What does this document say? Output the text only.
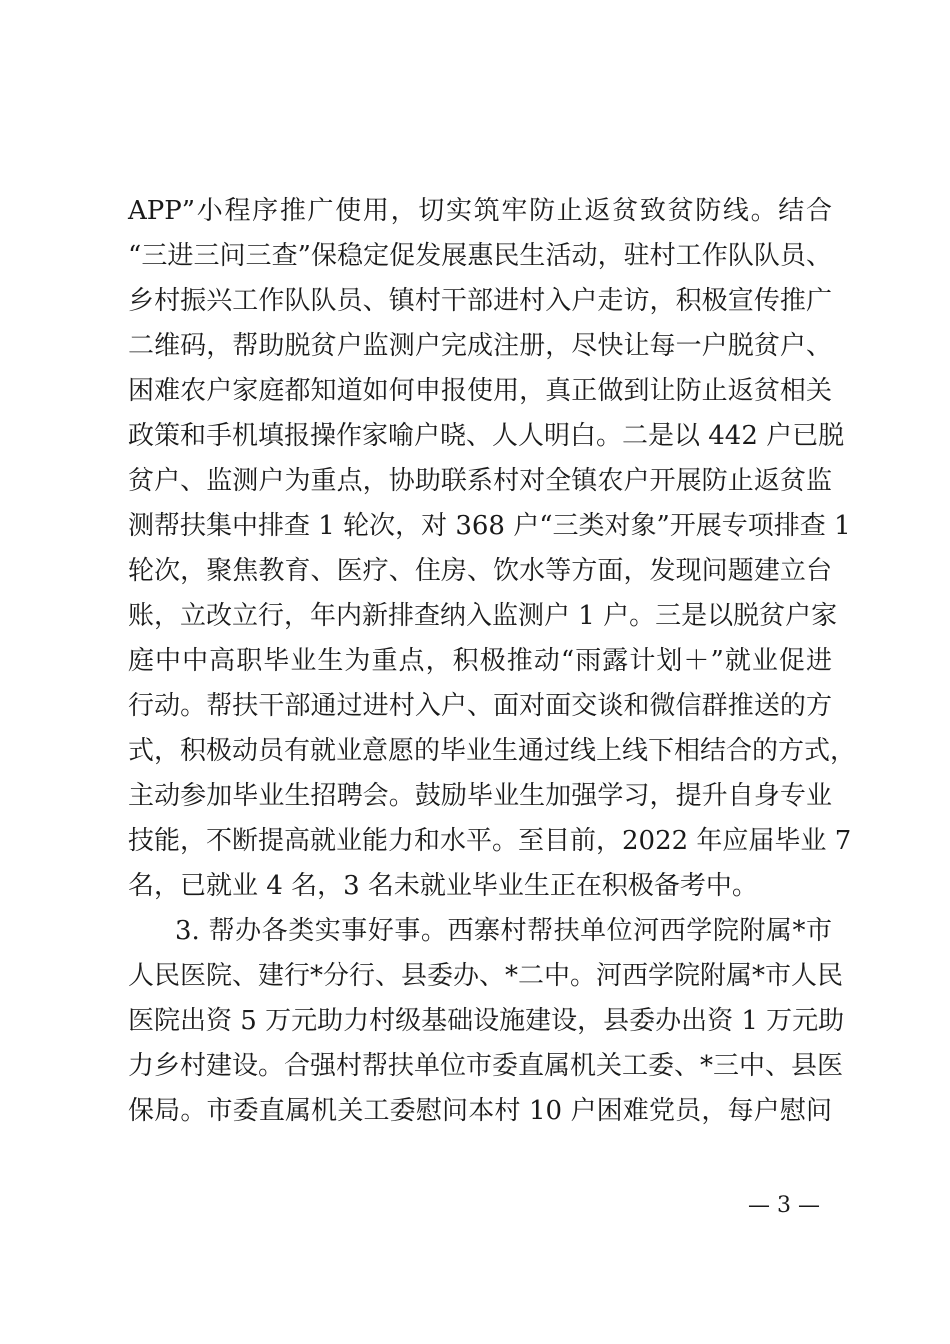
APP”小程序推广使用，切实筑牢防止返贫致贫防线。结合
“三进三问三查”保稳定促发展惠民生活动，驻村工作队队员、
乡村振兴工作队队员、镇村干部进村入户走访，积极宣传推广
二维码，帮助脱贫户监测户完成注册，尽快让每一户脱贫户、
困难农户家庭都知道如何申报使用，真正做到让防止返贫相关
政策和手机填报操作家喻户晓、人人明白。二是以 442 户已脱
贫户、监测户为重点，协助联系村对全镇农户开展防止返贫监
测帮扶集中排查 1 轮次，对 368 户“三类对象”开展专项排查 1
轮次，聚焦教育、医疗、住房、饮水等方面，发现问题建立台
账，立改立行，年内新排查纳入监测户 1 户。三是以脱贫户家
庭中中高职毕业生为重点，积极推动“雨露计划＋”就业促进
行动。帮扶干部通过进村入户、面对面交谈和微信群推送的方
式，积极动员有就业意愿的毕业生通过线上线下相结合的方式，
主动参加毕业生招聘会。鼓励毕业生加强学习，提升自身专业
技能，不断提高就业能力和水平。至目前，2022 年应届毕业 7
名，已就业 4 名，3 名未就业毕业生正在积极备考中。
3. 帮办各类实事好事。西寨村帮扶单位河西学院附属*市
人民医院、建行*分行、县委办、*二中。河西学院附属*市人民
医院出资 5 万元助力村级基础设施建设，县委办出资 1 万元助
力乡村建设。合强村帮扶单位市委直属机关工委、*三中、县医
保局。市委直属机关工委慰问本村 10 户困难党员，每户慰问
— 3 —
